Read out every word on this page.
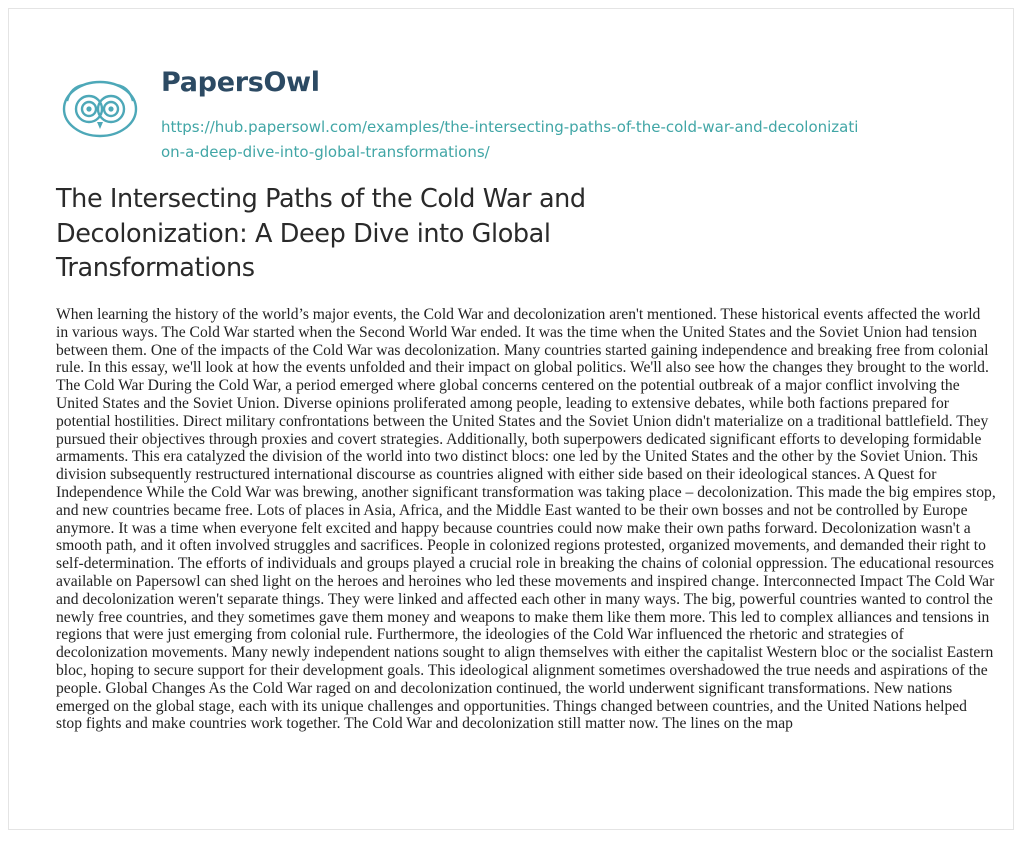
PapersOwl
https://hub.papersowl.com/examples/the-intersecting-paths-of-the-cold-war-and-decolonization-a-deep-dive-into-global-transformations/
The Intersecting Paths of the Cold War and Decolonization: A Deep Dive into Global Transformations

When learning the history of the world’s major events, the Cold War and decolonization aren't mentioned. These historical events affected the world in various ways. The Cold War started when the Second World War ended. It was the time when the United States and the Soviet Union had tension between them. One of the impacts of the Cold War was decolonization. Many countries started gaining independence and breaking free from colonial rule. In this essay, we'll look at how the events unfolded and their impact on global politics. We'll also see how the changes they brought to the world. The Cold War During the Cold War, a period emerged where global concerns centered on the potential outbreak of a major conflict involving the United States and the Soviet Union. Diverse opinions proliferated among people, leading to extensive debates, while both factions prepared for potential hostilities. Direct military confrontations between the United States and the Soviet Union didn't materialize on a traditional battlefield. They pursued their objectives through proxies and covert strategies. Additionally, both superpowers dedicated significant efforts to developing formidable armaments. This era catalyzed the division of the world into two distinct blocs: one led by the United States and the other by the Soviet Union. This division subsequently restructured international discourse as countries aligned with either side based on their ideological stances. A Quest for Independence While the Cold War was brewing, another significant transformation was taking place – decolonization. This made the big empires stop, and new countries became free. Lots of places in Asia, Africa, and the Middle East wanted to be their own bosses and not be controlled by Europe anymore. It was a time when everyone felt excited and happy because countries could now make their own paths forward. Decolonization wasn't a smooth path, and it often involved struggles and sacrifices. People in colonized regions protested, organized movements, and demanded their right to self-determination. The efforts of individuals and groups played a crucial role in breaking the chains of colonial oppression. The educational resources available on Papersowl can shed light on the heroes and heroines who led these movements and inspired change. Interconnected Impact The Cold War and decolonization weren't separate things. They were linked and affected each other in many ways. The big, powerful countries wanted to control the newly free countries, and they sometimes gave them money and weapons to make them like them more. This led to complex alliances and tensions in regions that were just emerging from colonial rule. Furthermore, the ideologies of the Cold War influenced the rhetoric and strategies of decolonization movements. Many newly independent nations sought to align themselves with either the capitalist Western bloc or the socialist Eastern bloc, hoping to secure support for their development goals. This ideological alignment sometimes overshadowed the true needs and aspirations of the people. Global Changes As the Cold War raged on and decolonization continued, the world underwent significant transformations. New nations emerged on the global stage, each with its unique challenges and opportunities. Things changed between countries, and the United Nations helped stop fights and make countries work together. The Cold War and decolonization still matter now. The lines on the map
